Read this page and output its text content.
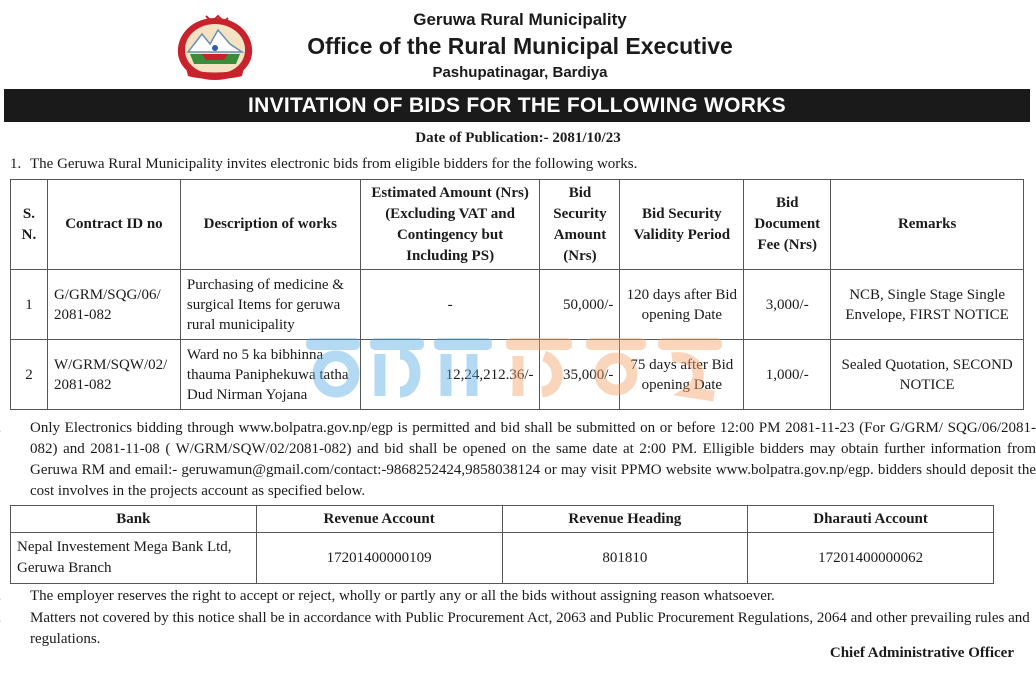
Geruwa Rural Municipality
Office of the Rural Municipal Executive
Pashupatinagar, Bardiya
INVITATION OF BIDS FOR THE FOLLOWING WORKS
Date of Publication:- 2081/10/23
1. The Geruwa Rural Municipality invites electronic bids from eligible bidders for the following works.
S. N.	Contract ID no	Description of works	Estimated Amount (Nrs) (Excluding VAT and Contingency but Including PS)	Bid Security Amount (Nrs)	Bid Security Validity Period	Bid Document Fee (Nrs)	Remarks
1	G/GRM/SQG/06/ 2081-082	Purchasing of medicine & surgical Items for geruwa rural municipality	-	50,000/-	120 days after Bid opening Date	3,000/-	NCB, Single Stage Single Envelope, FIRST NOTICE
2	W/GRM/SQW/02/ 2081-082	Ward no 5 ka bibhinna thauma Paniphekuwa tatha Dud Nirman Yojana	12,24,212.36/-	35,000/-	75 days after Bid opening Date	1,000/-	Sealed Quotation, SECOND NOTICE
Only Electronics bidding through www.bolpatra.gov.np/egp is permitted and bid shall be submitted on or before 12:00 PM 2081-11-23 (For G/GRM/ SQG/06/2081-082) and 2081-11-08 ( W/GRM/SQW/02/2081-082) and bid shall be opened on the same date at 2:00 PM. Elligible bidders may obtain further information from Geruwa RM and email:- geruwamun@gmail.com/contact:-9868252424,9858038124 or may visit PPMO website www.bolpatra.gov.np/egp. bidders should deposit the cost involves in the projects account as specified below.
Bank	Revenue Account	Revenue Heading	Dharauti Account
Nepal Investement Mega Bank Ltd, Geruwa Branch	17201400000109	801810	17201400000062
The employer reserves the right to accept or reject, wholly or partly any or all the bids without assigning reason whatsoever.
Matters not covered by this notice shall be in accordance with Public Procurement Act, 2063 and Public Procurement Regulations, 2064 and other prevailing rules and regulations.
Chief Administrative Officer
